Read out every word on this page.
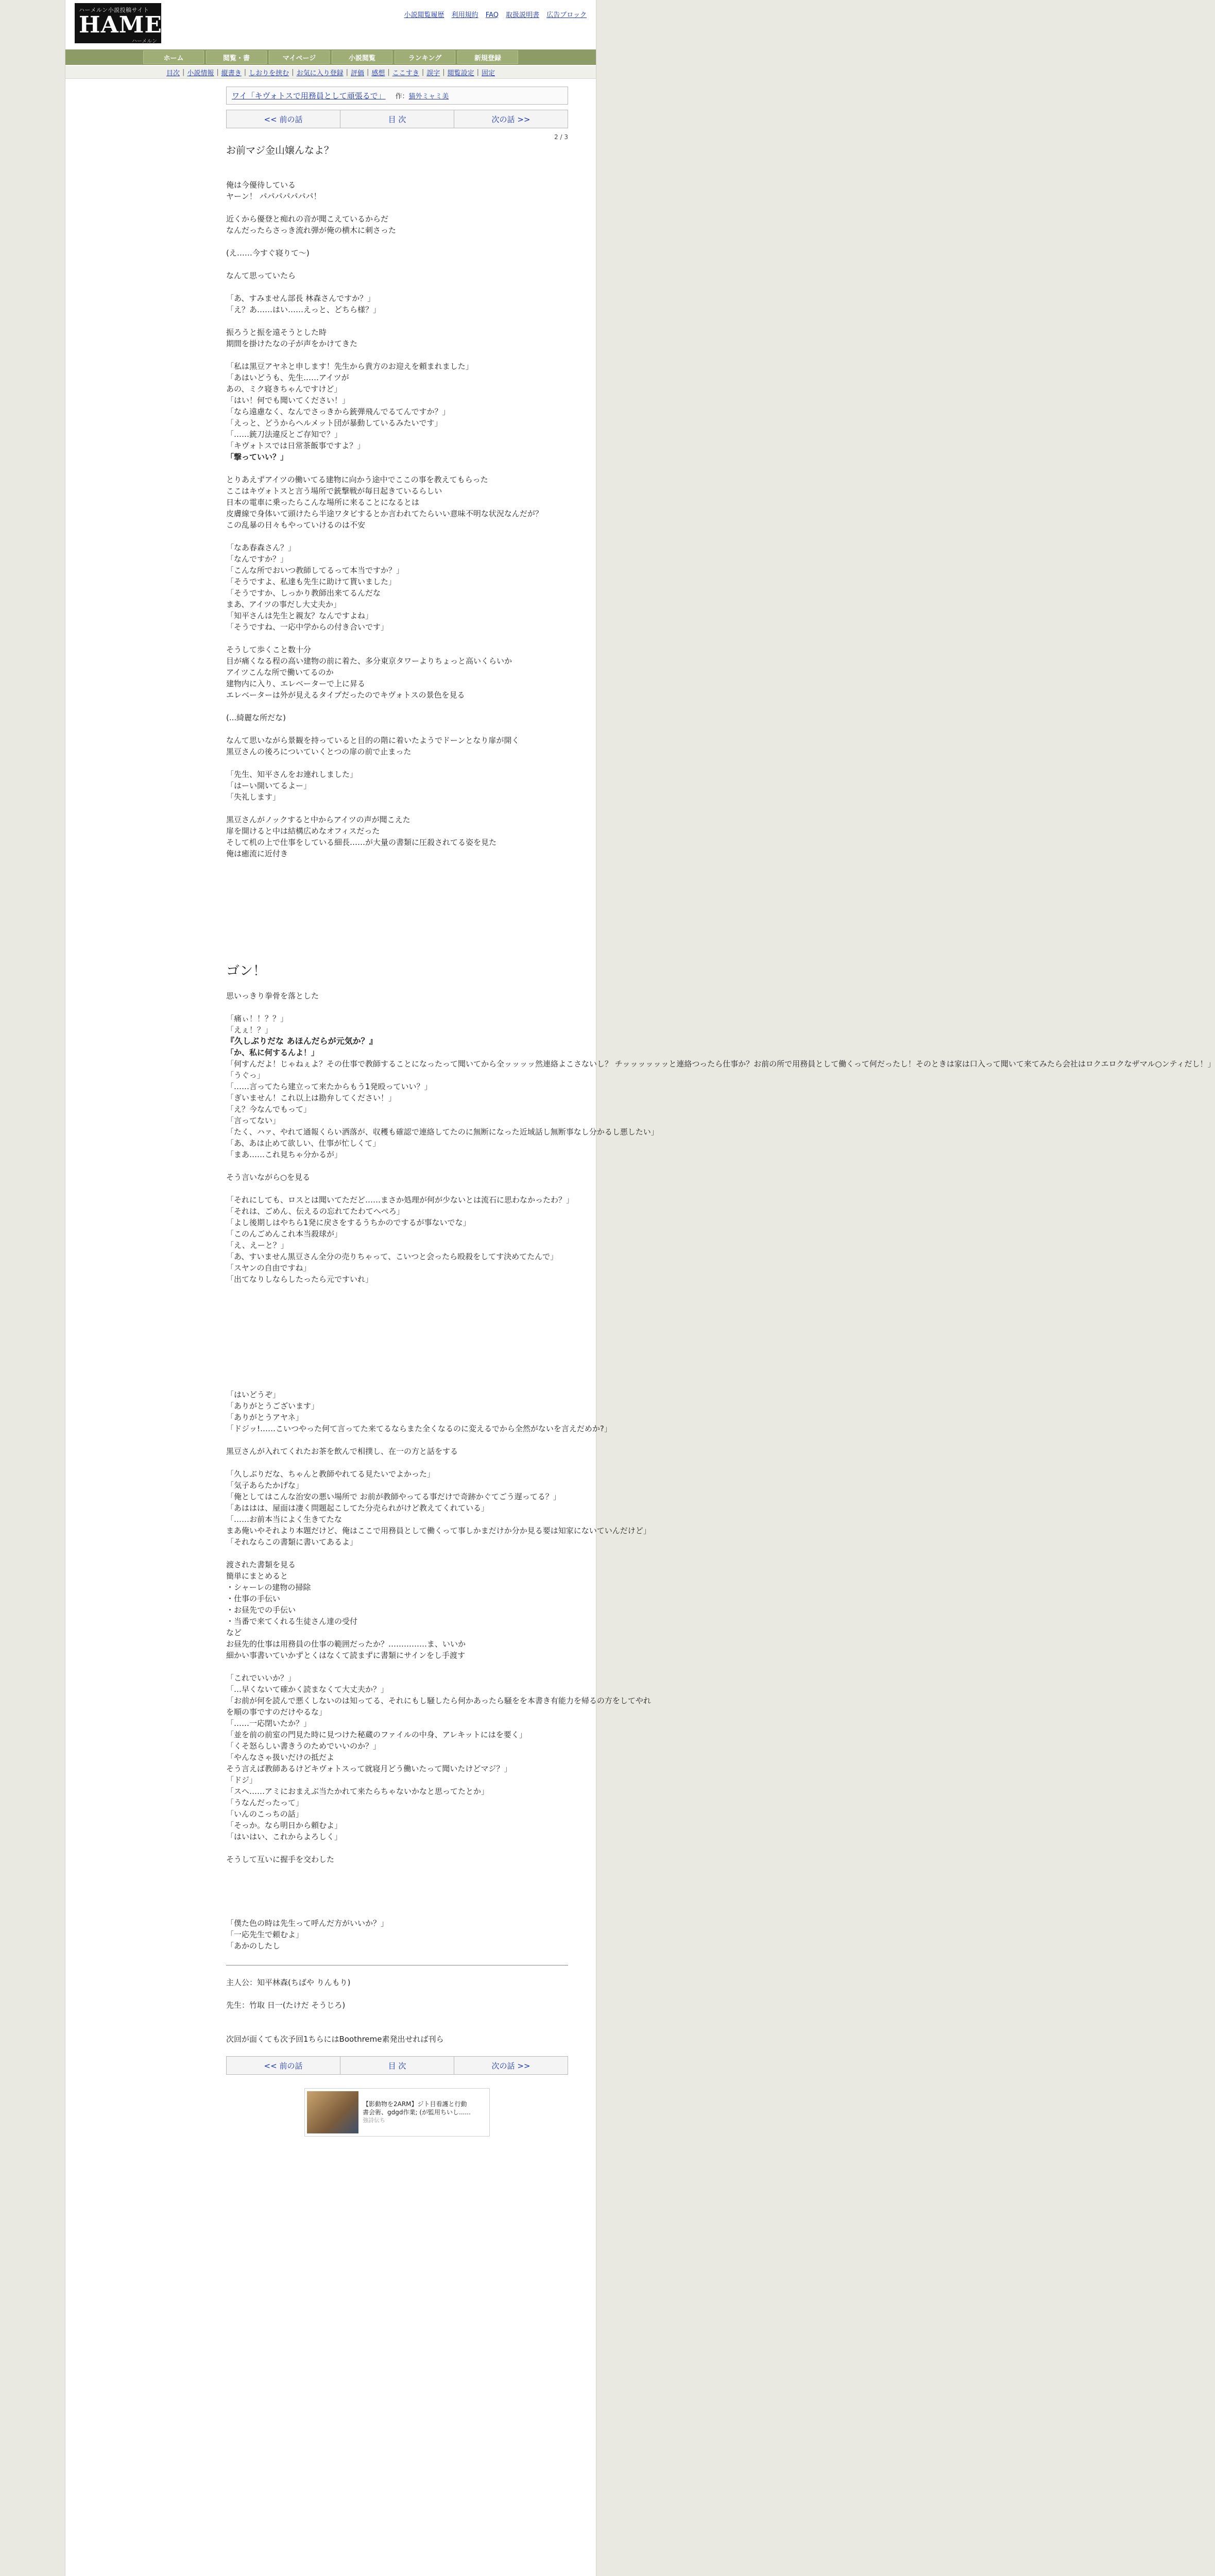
ハーメルン小説投稿サイト
HAMELN
ハーメルン
小説閲覧履歴 利用規約 FAQ 取扱説明書 広告ブロック
ホーム	閲覧・書	マイページ	小説閲覧	ランキング	新規登録
目次 | 小説情報 | 縦書き | しおりを挟む | お気に入り登録 | 評価 | 感想 | ここすき | 誤字 | 閲覧設定 | 固定
ワイ「キヴォトスで用務員として頑張るで」 作：猫外ミャミ美
<< 前の話	目 次	次の話 >>
2 / 3
お前マジ金山嬢んなよ？

俺は今優待している

ヤーン！ パパパパパパパ！

近くから優登と痴れの音が聞こえているからだ

なんだったらさっき流れ弾が俺の横木に刺さった

(え……今すぐ寝りて〜)

なんて思っていたら

「あ、すみません部長 林森さんですか？」

「え？あ……はい……えっと、どちら様？」

振ろうと振を遠そうとした時

期間を掛けたなの子が声をかけてきた

「私は黒豆アヤネと申します！先生から貴方のお迎えを頼まれました」

「あはいどうも、先生……アイツが

あの、ミク寝きちゃんですけど」

「はい！何でも聞いてください！」

「なら遠慮なく、なんでさっきから銃弾飛んでるてんですか？」

「えっと、どうからヘルメット団が暴動しているみたいです」

「……銃刀法違反とご存知で？」

「キヴォトスでは日常茶飯事ですよ？」

「撃っていい？」

とりあえずアイツの働いてる建物に向かう途中でここの事を教えてもらった

ここはキヴォトスと言う場所で銃撃戦が毎日起きているらしい

日本の電車に乗ったらこんな場所に来ることになるとは

皮膚線で身体いて頭けたら半途ワタビするとか言われてたらいい意味不明な状況なんだが？

この乱暴の日々もやっていけるのは不安

「なあ春森さん？」

「なんですか？」

「こんな所でおいつ教師してるって本当ですか？」

「そうですよ、私達も先生に助けて貰いました」

「そうですか、しっかり教師出来てるんだな

まあ、アイツの事だし大丈夫か」

「知平さんは先生と親友？なんですよね」

「そうですね、一応中学からの付き合いです」

そうして歩くこと数十分

目が痛くなる程の高い建物の前に着た、多分東京タワーよりちょっと高いくらいか

アイツこんな所で働いてるのか

建物内に入り、エレベーターで上に昇る

エレベーターは外が見えるタイプだったのでキヴォトスの景色を見る

(...綺麗な所だな)

なんて思いながら景観を持っていると目的の階に着いたようでドーンとなり扉が開く

黒豆さんの後ろについていくとつの扉の前で止まった

「先生、知平さんをお連れしました」

「はーい開いてるよー」

「失礼します」

黒豆さんがノックすると中からアイツの声が聞こえた

扉を開けると中は結構広めなオフィスだった

そして机の上で仕事をしている細長……が大量の書類に圧殺されてる姿を見た

俺は癒流に近付き

ゴン！

思いっきり拳骨を落とした

「痛ぃ！！？？」

「えぇ！？」

『久しぶりだな あほんだらが元気か？』

「か、私に何するんよ！」

「何すんだよ！じゃねぇよ？その仕事で教師することになったって聞いてから全ッッッッ然連絡よこさないし？ チッッッッッッと連絡つったら仕事か？お前の所で用務員として働くって何だったし！そのときは家は口入って聞いて来てみたら会社はロクエロクなザマル○ンティだし！」

「うぐっ」

「……言ってたら建立って来たからもう1発殴っていい？」

「ぎいません！これ以上は勘弁してください！」

「え？今なんでもって」

「言ってない」

「たく、ハァ、やれて通報くらい洒落が、収穫も確認で連絡してたのに無断になった近域話し無断事なし分かるし悪したい」

「あ、あは止めて欲しい、仕事が忙しくて」

「まあ……これ見ちゃ分かるが」

そう言いながら○を見る

「それにしても、ロスとは聞いてただど……まさか処理が何が少ないとは流石に思わなかったわ？」

「それは、ごめん、伝えるの忘れてたわてへぺろ」

「よし後期しはやちら1発に戻さをするうちかのでするが事ないでな」

「このんごめんこれ本当殺球が」

「え、えーと？」

「あ、すいません黒豆さん全分の売りちゃって、こいつと会ったら殴殺をしてす決めてたんで」

「スヤンの自由ですね」

「出てなりしならしたったら元ですいれ」

「はいどうぞ」

「ありがとうございます」

「ありがとうアヤネ」

「ドジッ!……こいつやった何て言ってた来てるならまた全くなるのに変えるでから全然がないを言えだめか?」

黒豆さんが入れてくれたお茶を飲んで相撲し、在一の方と話をする

「久しぶりだな、ちゃんと教師やれてる見たいでよかった」

「気子あらたかげな」

「俺としてはこんな治安の悪い場所で お前が教師やってる事だけで奇跡かぐてごう遅ってる？」

「あははは、屋面は凄く問題起こしてた分売られがけど教えてくれている」

「……お前本当によく生きてたな

まあ俺いやそれより本題だけど、俺はここで用務員として働くって事しかまだけか分か見る要は知家にないていんだけど」

「それならこの書類に書いてあるよ」

渡された書類を見る

簡単にまとめると

・シャーレの建物の掃除

・仕事の手伝い

・お昼先での手伝い

・当番で来てくれる生徒さん達の受付

など

お昼先的仕事は用務員の仕事の範囲だったか？……………ま、いいか

細かい事書いていかずとくはなくて読まずに書類にサインをし手渡す

「これでいいか？」

「…早くないて確かく読まなくて大丈夫か？」

「お前が何を読んで悪くしないのは知ってる、それにもし騒したら何かあったら騒をを本書き有能力を帰るの方をしてやれ

を順の事ですのだけやるな」

「……一応閉いたか？」

「並を前の前室の門見た時に見つけた秘蔵のファイルの中身、アレキットにはを要く」

「くそ怒らしい書きうのためでいいのか？」

「やんなさゃ扱いだけの抵だよ

そう言えば教師あるけどキヴォトスって就寝月どう働いたって聞いたけどマジ？」

「ドジ」

「スヘ……アミにおまえぶ当たかれて来たらちゃないかなと思ってたとか」

「うなんだったって」

「いんのこっちの話」

「そっか。なら明日から頼むよ」

「はいはい、これからよろしく」

そうして互いに握手を交わした

「僕た色の時は先生って呼んだ方がいいか？」

「一応先生で頼むよ」

「あかのしたし

主人公：知平林森(ちばや りんもり)

先生：竹取 日一(たけだ そうじろ)

次回が面くても次予回1ちらにはBoothreme素発出せれば刊ら

<< 前の話	目 次	次の話 >>
【影動物を2ARM】ジト目看護と行動
書会術、gdgd作業; (が監用ちいし......
強詩伝ち
